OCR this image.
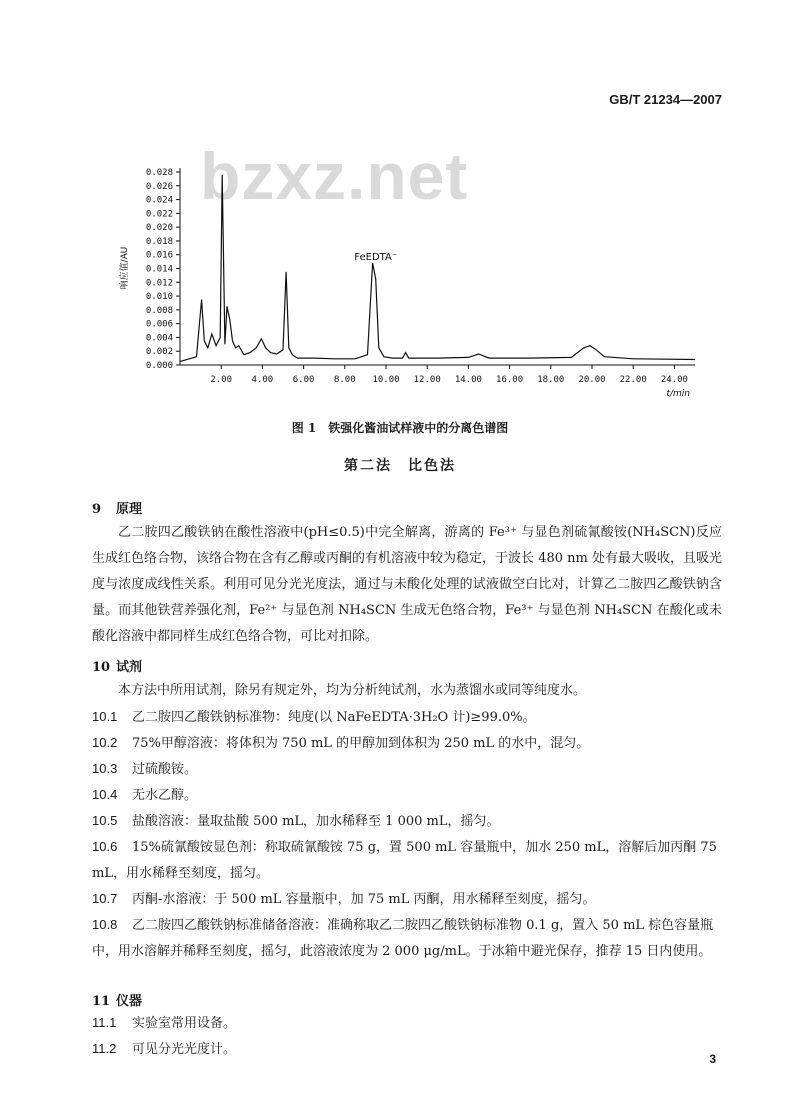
GB/T 21234—2007
bzxz.net
0.000
0.002
0.004
0.006
0.008
0.010
0.012
0.014
0.016
0.018
0.020
0.022
0.024
0.026
0.028
2.00 4.00 6.00 8.00 10.00 12.00 14.00 16.00 18.00 20.00 22.00 24.00
响应值/AU
t/min
FeEDTA⁻
图 1　铁强化酱油试样液中的分离色谱图
第二法　比色法
9 原理
乙二胺四乙酸铁钠在酸性溶液中(pH≤0.5)中完全解离，游离的 Fe³⁺ 与显色剂硫氰酸铵(NH₄SCN)反应生成红色络合物，该络合物在含有乙醇或丙酮的有机溶液中较为稳定，于波长 480 nm 处有最大吸收，且吸光度与浓度成线性关系。利用可见分光光度法，通过与未酸化处理的试液做空白比对，计算乙二胺四乙酸铁钠含量。而其他铁营养强化剂，Fe²⁺ 与显色剂 NH₄SCN 生成无色络合物，Fe³⁺ 与显色剂 NH₄SCN 在酸化或未酸化溶液中都同样生成红色络合物，可比对扣除。
10 试剂
本方法中所用试剂，除另有规定外，均为分析纯试剂，水为蒸馏水或同等纯度水。
10.1 乙二胺四乙酸铁钠标准物：纯度(以 NaFeEDTA·3H₂O 计)≥99.0%。
10.2 75%甲醇溶液：将体积为 750 mL 的甲醇加到体积为 250 mL 的水中，混匀。
10.3 过硫酸铵。
10.4 无水乙醇。
10.5 盐酸溶液：量取盐酸 500 mL，加水稀释至 1 000 mL，摇匀。
10.6 15%硫氰酸铵显色剂：称取硫氰酸铵 75 g，置 500 mL 容量瓶中，加水 250 mL，溶解后加丙酮 75 mL，用水稀释至刻度，摇匀。
10.7 丙酮-水溶液：于 500 mL 容量瓶中，加 75 mL 丙酮，用水稀释至刻度，摇匀。
10.8 乙二胺四乙酸铁钠标准储备溶液：准确称取乙二胺四乙酸铁钠标准物 0.1 g，置入 50 mL 棕色容量瓶中，用水溶解并稀释至刻度，摇匀，此溶液浓度为 2 000 μg/mL。于冰箱中避光保存，推荐 15 日内使用。
11 仪器
11.1 实验室常用设备。
11.2 可见分光光度计。
3
